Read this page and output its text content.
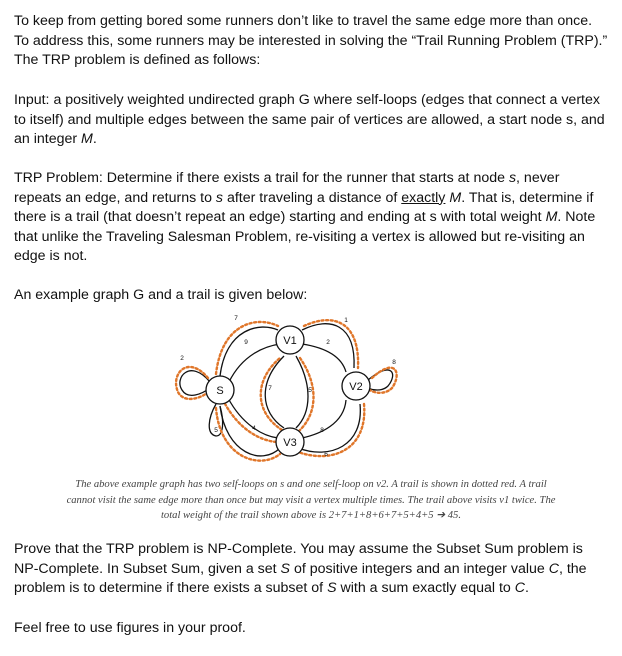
To keep from getting bored some runners don’t like to travel the same edge more than once. To address this, some runners may be interested in solving the “Trail Running Problem (TRP).” The TRP problem is defined as follows:

Input: a positively weighted undirected graph G where self-loops (edges that connect a vertex to itself) and multiple edges between the same pair of vertices are allowed, a start node s, and an integer M.

TRP Problem: Determine if there exists a trail for the runner that starts at node s, never repeats an edge, and returns to s after traveling a distance of exactly M. That is, determine if there is a trail (that doesn’t repeat an edge) starting and ending at s with total weight M. Note that unlike the Traveling Salesman Problem, re-visiting a vertex is allowed but re-visiting an edge is not.

An example graph G and a trail is given below:

S
V1
V2
V3
2
7
9
5	4
7	5
1
2
8
8
6
The above example graph has two self-loops on s and one self-loop on v2. A trail is shown in dotted red. A trail
cannot visit the same edge more than once but may visit a vertex multiple times. The trail above visits v1 twice. The
total weight of the trail shown above is 2+7+1+8+6+7+5+4+5 ➔ 45.

Prove that the TRP problem is NP-Complete. You may assume the Subset Sum problem is NP-Complete. In Subset Sum, given a set S of positive integers and an integer value C, the problem is to determine if there exists a subset of S with a sum exactly equal to C.

Feel free to use figures in your proof.
